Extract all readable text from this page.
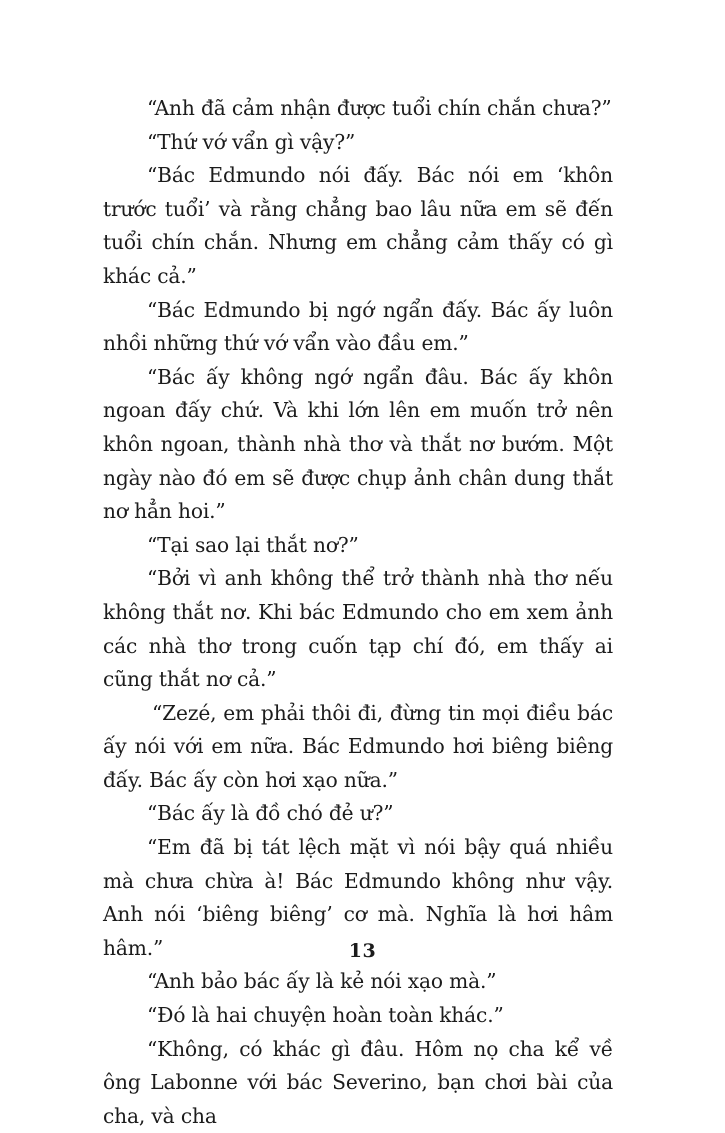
“Anh đã cảm nhận được tuổi chín chắn chưa?”

“Thứ vớ vẩn gì vậy?”

“Bác Edmundo nói đấy. Bác nói em ‘khôn trước tuổi’ và rằng chẳng bao lâu nữa em sẽ đến tuổi chín chắn. Nhưng em chẳng cảm thấy có gì khác cả.”

“Bác Edmundo bị ngớ ngẩn đấy. Bác ấy luôn nhồi những thứ vớ vẩn vào đầu em.”

“Bác ấy không ngớ ngẩn đâu. Bác ấy khôn ngoan đấy chứ. Và khi lớn lên em muốn trở nên khôn ngoan, thành nhà thơ và thắt nơ bướm. Một ngày nào đó em sẽ được chụp ảnh chân dung thắt nơ hẳn hoi.”

“Tại sao lại thắt nơ?”

“Bởi vì anh không thể trở thành nhà thơ nếu không thắt nơ. Khi bác Edmundo cho em xem ảnh các nhà thơ trong cuốn tạp chí đó, em thấy ai cũng thắt nơ cả.”

“Zezé, em phải thôi đi, đừng tin mọi điều bác ấy nói với em nữa. Bác Edmundo hơi biêng biêng đấy. Bác ấy còn hơi xạo nữa.”

“Bác ấy là đồ chó đẻ ư?”

“Em đã bị tát lệch mặt vì nói bậy quá nhiều mà chưa chừa à! Bác Edmundo không như vậy. Anh nói ‘biêng biêng’ cơ mà. Nghĩa là hơi hâm hâm.”

“Anh bảo bác ấy là kẻ nói xạo mà.”

“Đó là hai chuyện hoàn toàn khác.”

“Không, có khác gì đâu. Hôm nọ cha kể về ông Labonne với bác Severino, bạn chơi bài của cha, và cha

13
